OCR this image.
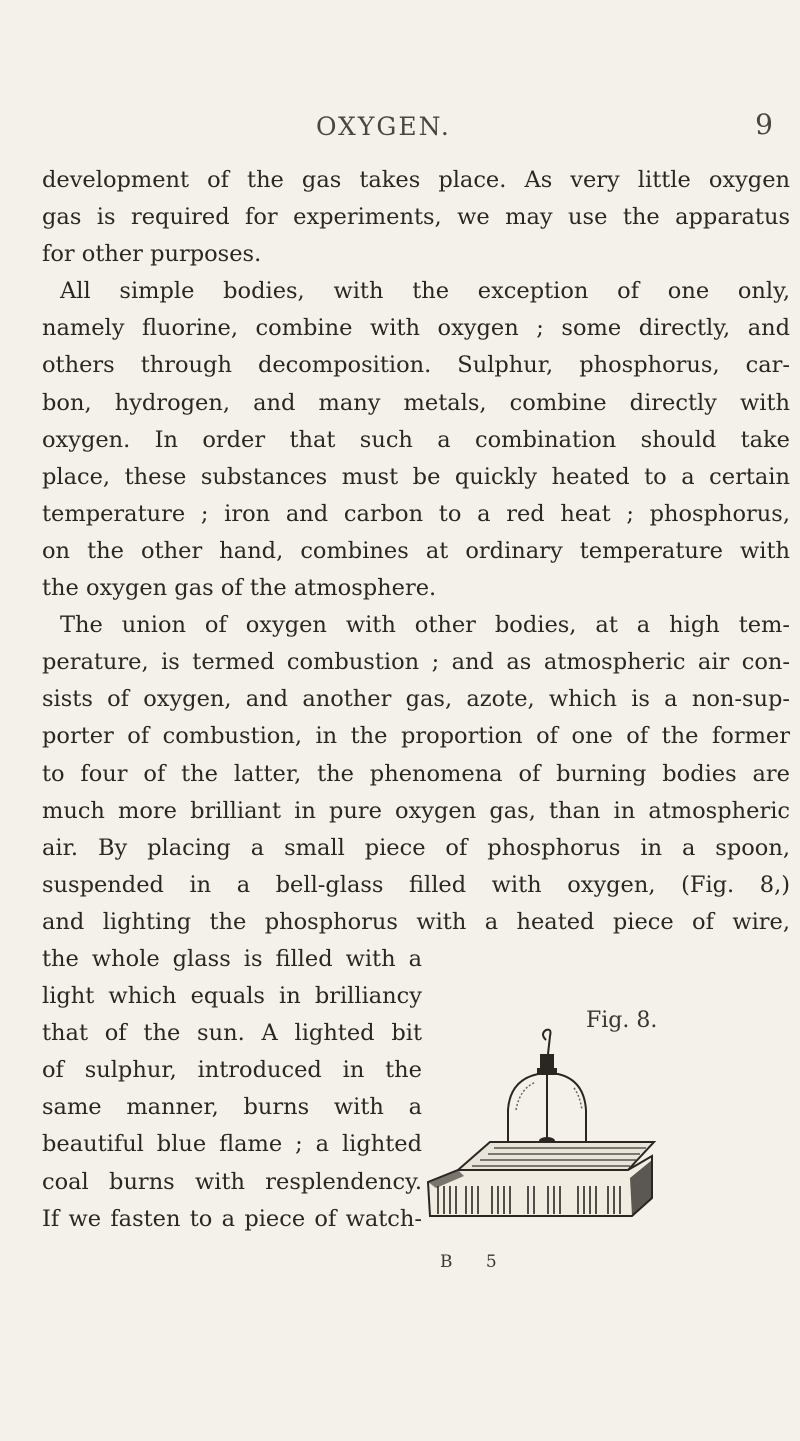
OXYGEN.	9
development of the gas takes place. As very little oxygen
gas is required for experiments, we may use the apparatus
for other purposes.
All simple bodies, with the exception of one only,
namely fluorine, combine with oxygen ; some directly, and
others through decomposition. Sulphur, phosphorus, car-
bon, hydrogen, and many metals, combine directly with
oxygen. In order that such a combination should take
place, these substances must be quickly heated to a certain
temperature ; iron and carbon to a red heat ; phosphorus,
on the other hand, combines at ordinary temperature with
the oxygen gas of the atmosphere.
The union of oxygen with other bodies, at a high tem-
perature, is termed combustion ; and as atmospheric air con-
sists of oxygen, and another gas, azote, which is a non-sup-
porter of combustion, in the proportion of one of the former
to four of the latter, the phenomena of burning bodies are
much more brilliant in pure oxygen gas, than in atmospheric
air. By placing a small piece of phosphorus in a spoon,
suspended in a bell-glass filled with oxygen, (Fig. 8,)
and lighting the phosphorus with a heated piece of wire,
the whole glass is filled with a
light which equals in brilliancy
that of the sun. A lighted bit
of sulphur, introduced in the
same manner, burns with a
beautiful blue flame ; a lighted
coal burns with resplendency.
If we fasten to a piece of watch-
Fig. 8.
B 5
